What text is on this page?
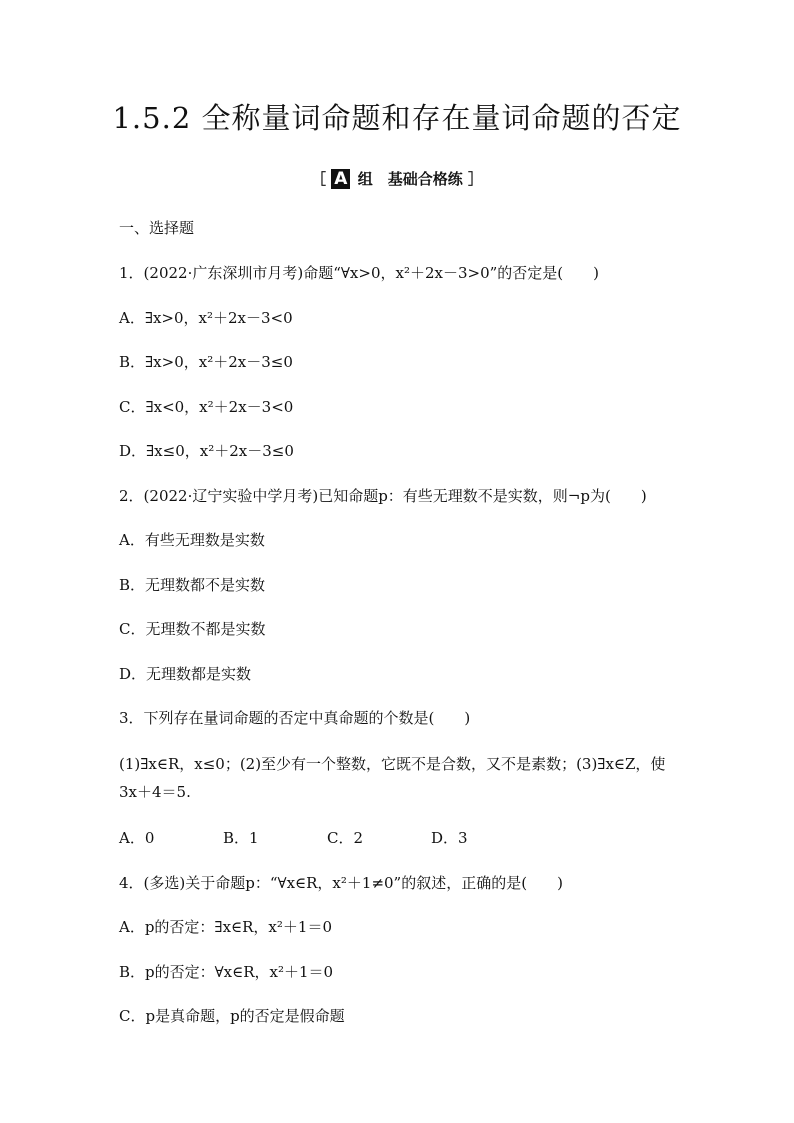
1.5.2 全称量词命题和存在量词命题的否定
［ A 组　基础合格练 ］
一、选择题
1．(2022·广东深圳市月考)命题“∀x>0，x²＋2x－3>0”的否定是(　　)
A．∃x>0，x²＋2x－3<0
B．∃x>0，x²＋2x－3≤0
C．∃x<0，x²＋2x－3<0
D．∃x≤0，x²＋2x－3≤0
2．(2022·辽宁实验中学月考)已知命题p：有些无理数不是实数，则¬p为(　　)
A．有些无理数是实数
B．无理数都不是实数
C．无理数不都是实数
D．无理数都是实数
3．下列存在量词命题的否定中真命题的个数是(　　)
(1)∃x∈R，x≤0；(2)至少有一个整数，它既不是合数，又不是素数；(3)∃x∈Z，使3x＋4＝5.
A．0	B．1	C．2	D．3
4．(多选)关于命题p：“∀x∈R，x²＋1≠0”的叙述，正确的是(　　)
A．p的否定：∃x∈R，x²＋1＝0
B．p的否定：∀x∈R，x²＋1＝0
C．p是真命题，p的否定是假命题
